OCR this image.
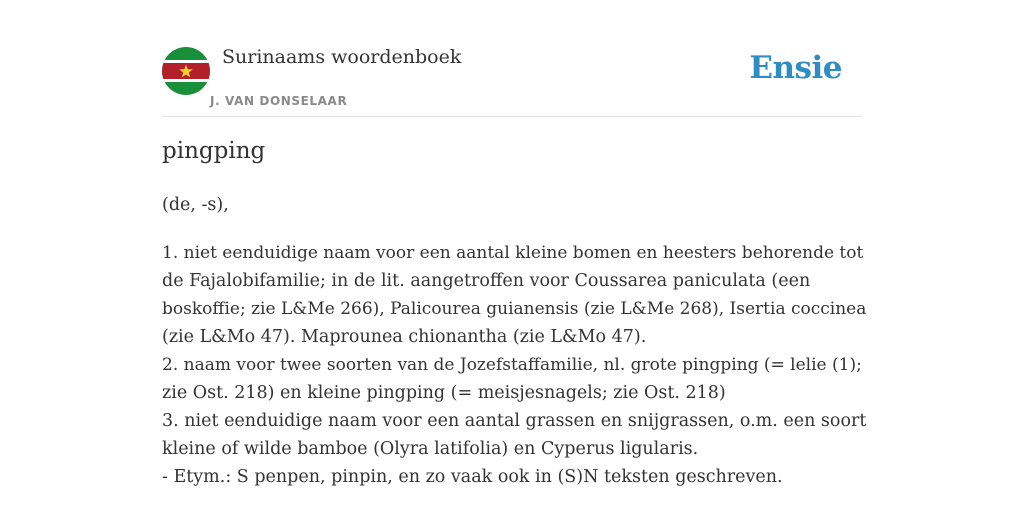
Surinaams woordenboek
J. VAN DONSELAAR
Ensie
pingping
(de, -s),
1. niet eenduidige naam voor een aantal kleine bomen en heesters behorende tot
de Fajalobifamilie; in de lit. aangetroffen voor Coussarea paniculata (een
boskoffie; zie L&Me 266), Palicourea guianensis (zie L&Me 268), Isertia coccinea
(zie L&Mo 47). Maprounea chionantha (zie L&Mo 47).
2. naam voor twee soorten van de Jozefstaffamilie, nl. grote pingping (= lelie (1);
zie Ost. 218) en kleine pingping (= meisjesnagels; zie Ost. 218)
3. niet eenduidige naam voor een aantal grassen en snijgrassen, o.m. een soort
kleine of wilde bamboe (Olyra latifolia) en Cyperus ligularis.
- Etym.: S penpen, pinpin, en zo vaak ook in (S)N teksten geschreven.
